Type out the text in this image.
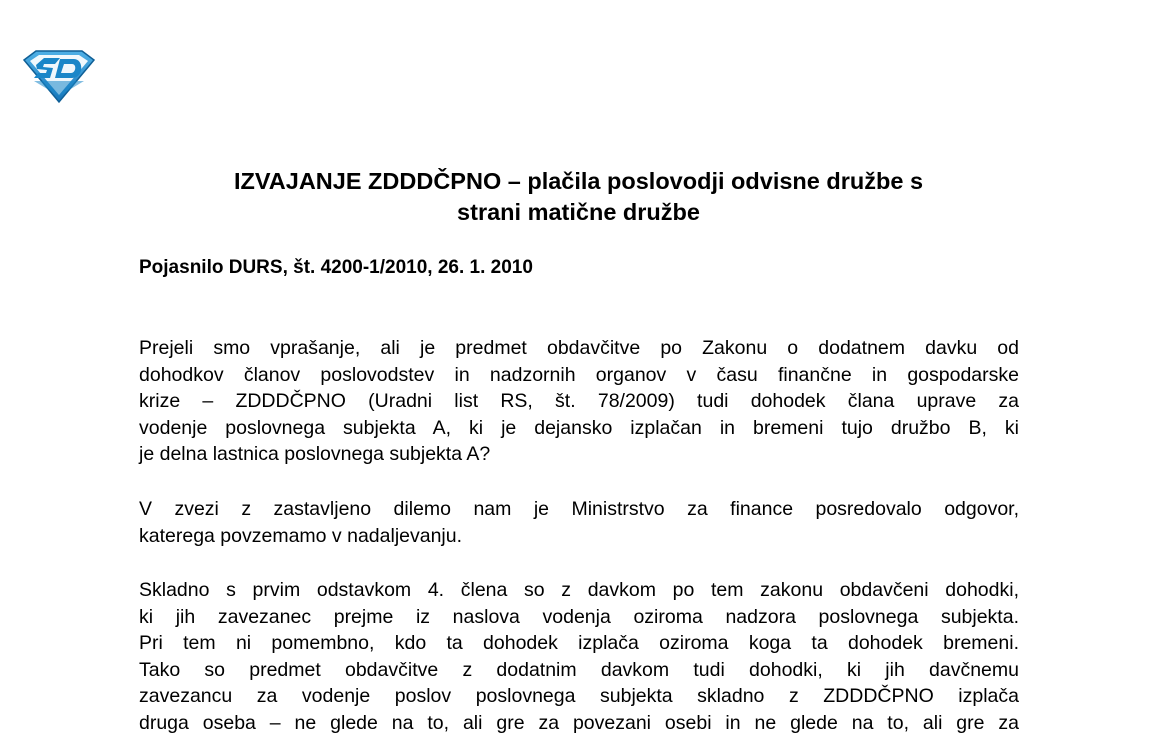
IZVAJANJE ZDDDČPNO – plačila poslovodji odvisne družbe s
strani matične družbe
Pojasnilo DURS, št. 4200-1/2010, 26. 1. 2010
Prejeli smo vprašanje, ali je predmet obdavčitve po Zakonu o dodatnem davku od
dohodkov članov poslovodstev in nadzornih organov v času finančne in gospodarske
krize – ZDDDČPNO (Uradni list RS, št. 78/2009) tudi dohodek člana uprave za
vodenje poslovnega subjekta A, ki je dejansko izplačan in bremeni tujo družbo B, ki
je delna lastnica poslovnega subjekta A?
V zvezi z zastavljeno dilemo nam je Ministrstvo za finance posredovalo odgovor,
katerega povzemamo v nadaljevanju.
Skladno s prvim odstavkom 4. člena so z davkom po tem zakonu obdavčeni dohodki,
ki jih zavezanec prejme iz naslova vodenja oziroma nadzora poslovnega subjekta.
Pri tem ni pomembno, kdo ta dohodek izplača oziroma koga ta dohodek bremeni.
Tako so predmet obdavčitve z dodatnim davkom tudi dohodki, ki jih davčnemu
zavezancu za vodenje poslov poslovnega subjekta skladno z ZDDDČPNO izplača
druga oseba – ne glede na to, ali gre za povezani osebi in ne glede na to, ali gre za
